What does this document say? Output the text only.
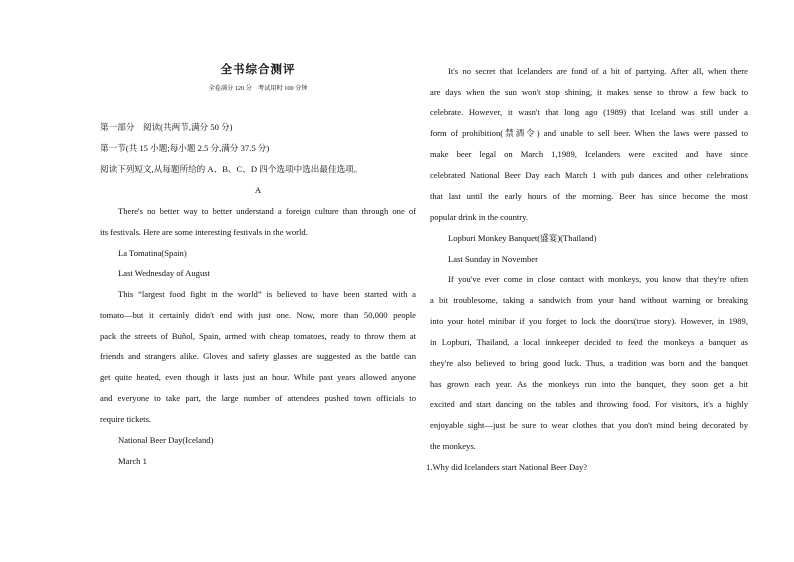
全书综合测评
全卷满分 120 分　考试用时 100 分钟
第一部分　阅读(共两节,满分 50 分)
第一节(共 15 小题;每小题 2.5 分,满分 37.5 分)
阅读下列短文,从每题所给的 A、B、C、D 四个选项中选出最佳选项。
A
There's no better way to better understand a foreign culture than through one of
its festivals. Here are some interesting festivals in the world.
La Tomatina(Spain)
Last Wednesday of August
This “largest food fight in the world” is believed to have been started with a
tomato—but it certainly didn't end with just one. Now, more than 50,000 people
pack the streets of Buñol, Spain, armed with cheap tomatoes, ready to throw them at
friends and strangers alike. Gloves and safety glasses are suggested as the battle can
get quite heated, even though it lasts just an hour. While past years allowed anyone
and everyone to take part, the large number of attendees pushed town officials to
require tickets.
National Beer Day(Iceland)
March 1
It's no secret that Icelanders are fond of a bit of partying. After all, when there
are days when the sun won't stop shining, it makes sense to throw a few back to
celebrate. However, it wasn't that long ago (1989) that Iceland was still under a
form of prohibition(禁酒令) and unable to sell beer. When the laws were passed to
make beer legal on March 1,1989, Icelanders were excited and have since
celebrated National Beer Day each March 1 with pub dances and other celebrations
that last until the early hours of the morning. Beer has since become the most
popular drink in the country.
Lopburi Monkey Banquet(盛宴)(Thailand)
Last Sunday in November
If you've ever come in close contact with monkeys, you know that they're often
a bit troublesome, taking a sandwich from your hand without warning or breaking
into your hotel minibar if you forget to lock the doors(true story). However, in 1989,
in Lopburi, Thailand, a local innkeeper decided to feed the monkeys a banquet as
they're also believed to bring good luck. Thus, a tradition was born and the banquet
has grown each year. As the monkeys run into the banquet, they soon get a bit
excited and start dancing on the tables and throwing food. For visitors, it's a highly
enjoyable sight—just be sure to wear clothes that you don't mind being decorated by
the monkeys.
1.Why did Icelanders start National Beer Day?
